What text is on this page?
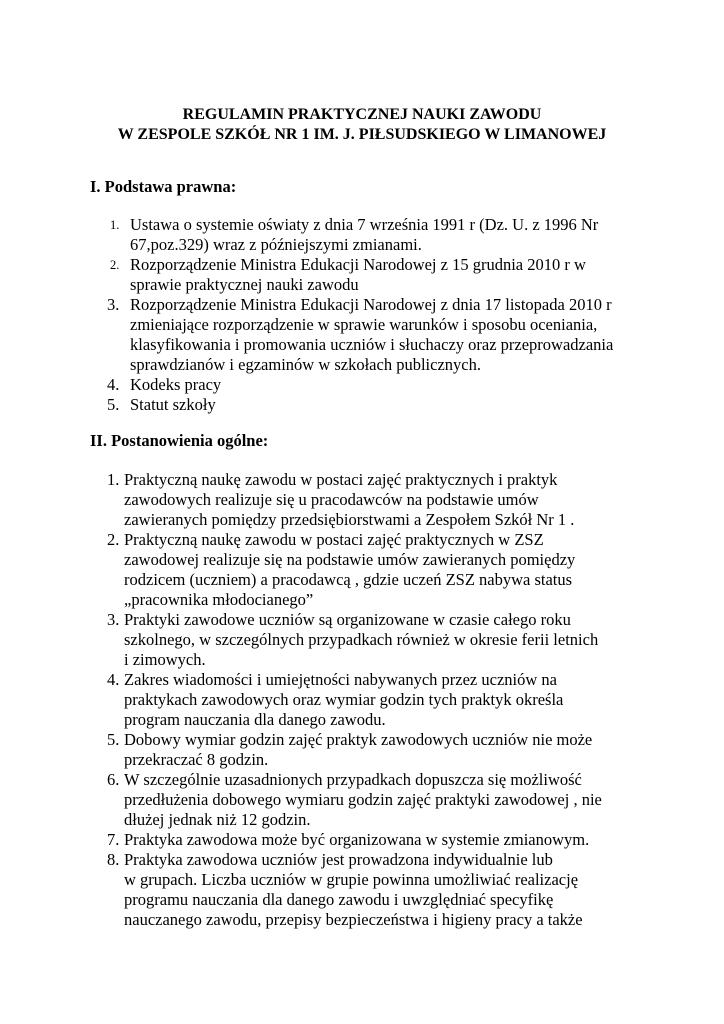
REGULAMIN PRAKTYCZNEJ NAUKI ZAWODU
W ZESPOLE SZKÓŁ NR 1 IM. J. PIŁSUDSKIEGO W LIMANOWEJ
I. Podstawa prawna:
1. Ustawa o systemie oświaty z dnia 7 września 1991 r (Dz. U. z 1996 Nr
67,poz.329) wraz z późniejszymi zmianami.
2. Rozporządzenie Ministra Edukacji Narodowej z 15 grudnia 2010 r w
sprawie praktycznej nauki zawodu
3. Rozporządzenie Ministra Edukacji Narodowej z dnia 17 listopada 2010 r
zmieniające rozporządzenie w sprawie warunków i sposobu oceniania,
klasyfikowania i promowania uczniów i słuchaczy oraz przeprowadzania
sprawdzianów i egzaminów w szkołach publicznych.
4. Kodeks pracy
5. Statut szkoły
II. Postanowienia ogólne:
1. Praktyczną naukę zawodu w postaci zajęć praktycznych i praktyk
zawodowych realizuje się u pracodawców na podstawie umów
zawieranych pomiędzy przedsiębiorstwami a Zespołem Szkół Nr 1 .
2. Praktyczną naukę zawodu w postaci zajęć praktycznych w ZSZ
zawodowej realizuje się na podstawie umów zawieranych pomiędzy
rodzicem (uczniem) a pracodawcą , gdzie uczeń ZSZ nabywa status
„pracownika młodocianego”
3. Praktyki zawodowe uczniów są organizowane w czasie całego roku
szkolnego, w szczególnych przypadkach również w okresie ferii letnich
i zimowych.
4. Zakres wiadomości i umiejętności nabywanych przez uczniów na
praktykach zawodowych oraz wymiar godzin tych praktyk określa
program nauczania dla danego zawodu.
5. Dobowy wymiar godzin zajęć praktyk zawodowych uczniów nie może
przekraczać 8 godzin.
6. W szczególnie uzasadnionych przypadkach dopuszcza się możliwość
przedłużenia dobowego wymiaru godzin zajęć praktyki zawodowej , nie
dłużej jednak niż 12 godzin.
7. Praktyka zawodowa może być organizowana w systemie zmianowym.
8. Praktyka zawodowa uczniów jest prowadzona indywidualnie lub
w grupach. Liczba uczniów w grupie powinna umożliwiać realizację
programu nauczania dla danego zawodu i uwzględniać specyfikę
nauczanego zawodu, przepisy bezpieczeństwa i higieny pracy a także
